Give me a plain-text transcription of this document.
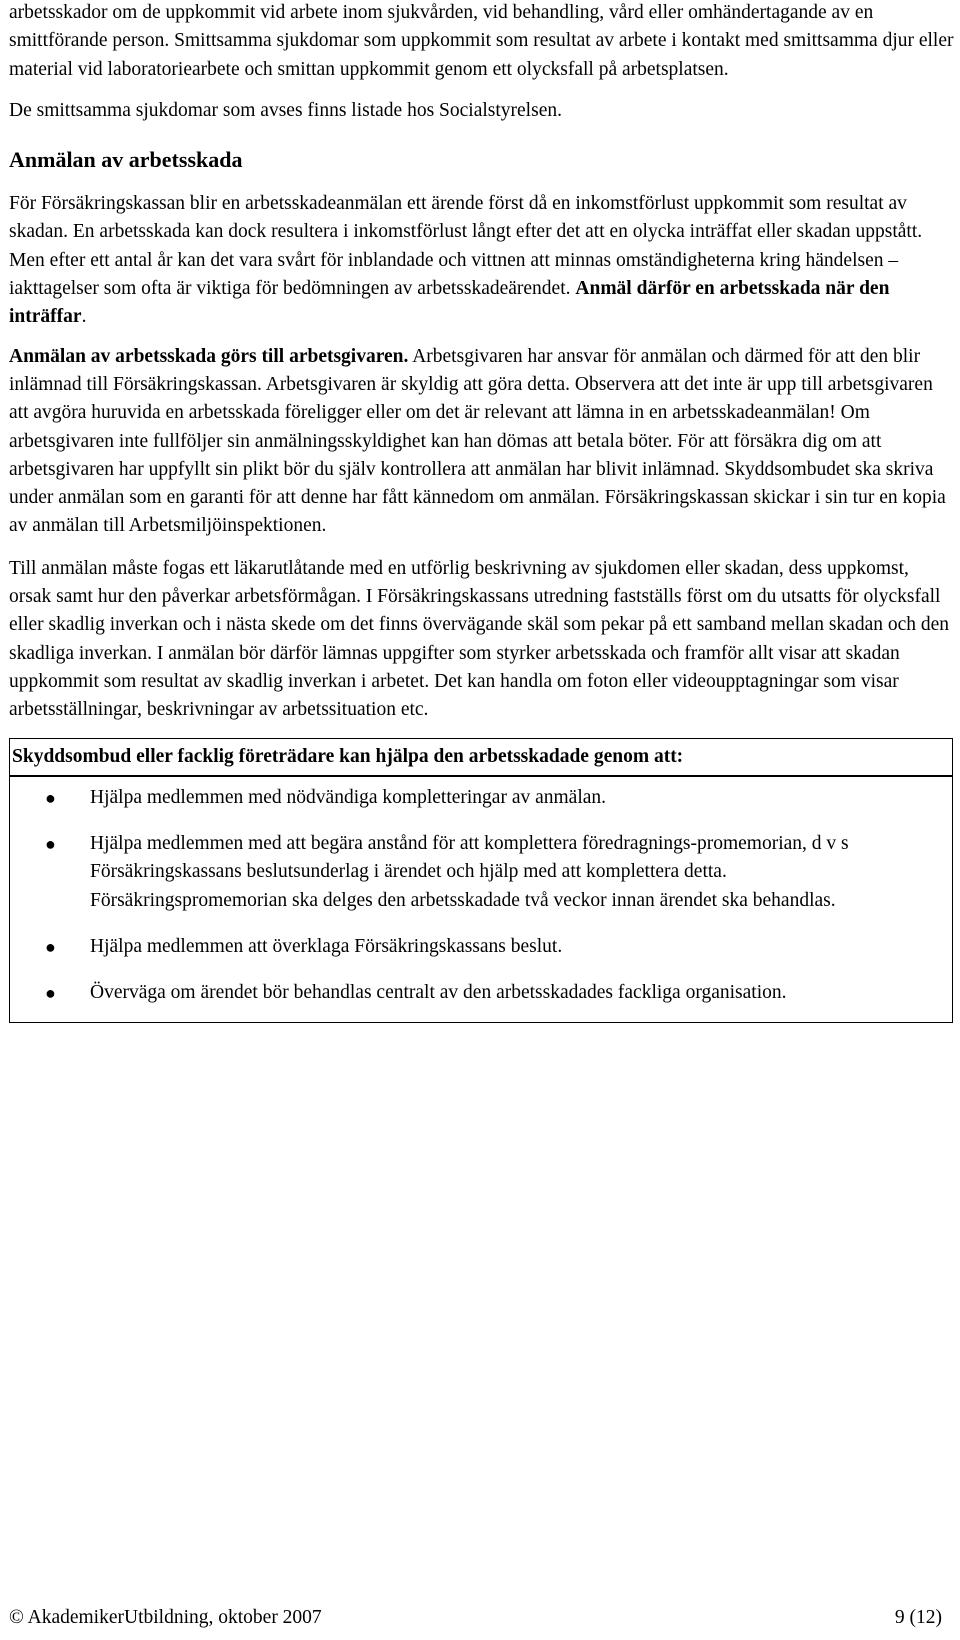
arbetsskador om de uppkommit vid arbete inom sjukvården, vid behandling, vård eller omhändertagande av en smittförande person. Smittsamma sjukdomar som uppkommit som resultat av arbete i kontakt med smittsamma djur eller material vid laboratoriearbete och smittan uppkommit genom ett olycksfall på arbetsplatsen.

De smittsamma sjukdomar som avses finns listade hos Socialstyrelsen.

Anmälan av arbetsskada

För Försäkringskassan blir en arbetsskadeanmälan ett ärende först då en inkomstförlust uppkommit som resultat av skadan. En arbetsskada kan dock resultera i inkomstförlust långt efter det att en olycka inträffat eller skadan uppstått. Men efter ett antal år kan det vara svårt för inblandade och vittnen att minnas omständigheterna kring händelsen – iakttagelser som ofta är viktiga för bedömningen av arbetsskadeärendet. Anmäl därför en arbetsskada när den inträffar.

Anmälan av arbetsskada görs till arbetsgivaren. Arbetsgivaren har ansvar för anmälan och därmed för att den blir inlämnad till Försäkringskassan. Arbetsgivaren är skyldig att göra detta. Observera att det inte är upp till arbetsgivaren att avgöra huruvida en arbetsskada föreligger eller om det är relevant att lämna in en arbetsskadeanmälan! Om arbetsgivaren inte fullföljer sin anmälningsskyldighet kan han dömas att betala böter. För att försäkra dig om att arbetsgivaren har uppfyllt sin plikt bör du själv kontrollera att anmälan har blivit inlämnad. Skyddsombudet ska skriva under anmälan som en garanti för att denne har fått kännedom om anmälan. Försäkringskassan skickar i sin tur en kopia av anmälan till Arbetsmiljöinspektionen.

Till anmälan måste fogas ett läkarutlåtande med en utförlig beskrivning av sjukdomen eller skadan, dess uppkomst, orsak samt hur den påverkar arbetsförmågan. I Försäkringskassans utredning fastställs först om du utsatts för olycksfall eller skadlig inverkan och i nästa skede om det finns övervägande skäl som pekar på ett samband mellan skadan och den skadliga inverkan. I anmälan bör därför lämnas uppgifter som styrker arbetsskada och framför allt visar att skadan uppkommit som resultat av skadlig inverkan i arbetet. Det kan handla om foton eller videoupptagningar som visar arbetsställningar, beskrivningar av arbetssituation etc.

Skyddsombud eller facklig företrädare kan hjälpa den arbetsskadade genom att:
● Hjälpa medlemmen med nödvändiga kompletteringar av anmälan.
● Hjälpa medlemmen med att begära anstånd för att komplettera föredragnings-promemorian, d v s Försäkringskassans beslutsunderlag i ärendet och hjälp med att komplettera detta. Försäkringspromemorian ska delges den arbetsskadade två veckor innan ärendet ska behandlas.
● Hjälpa medlemmen att överklaga Försäkringskassans beslut.
● Överväga om ärendet bör behandlas centralt av den arbetsskadades fackliga organisation.
© AkademikerUtbildning, oktober 2007	9 (12)
